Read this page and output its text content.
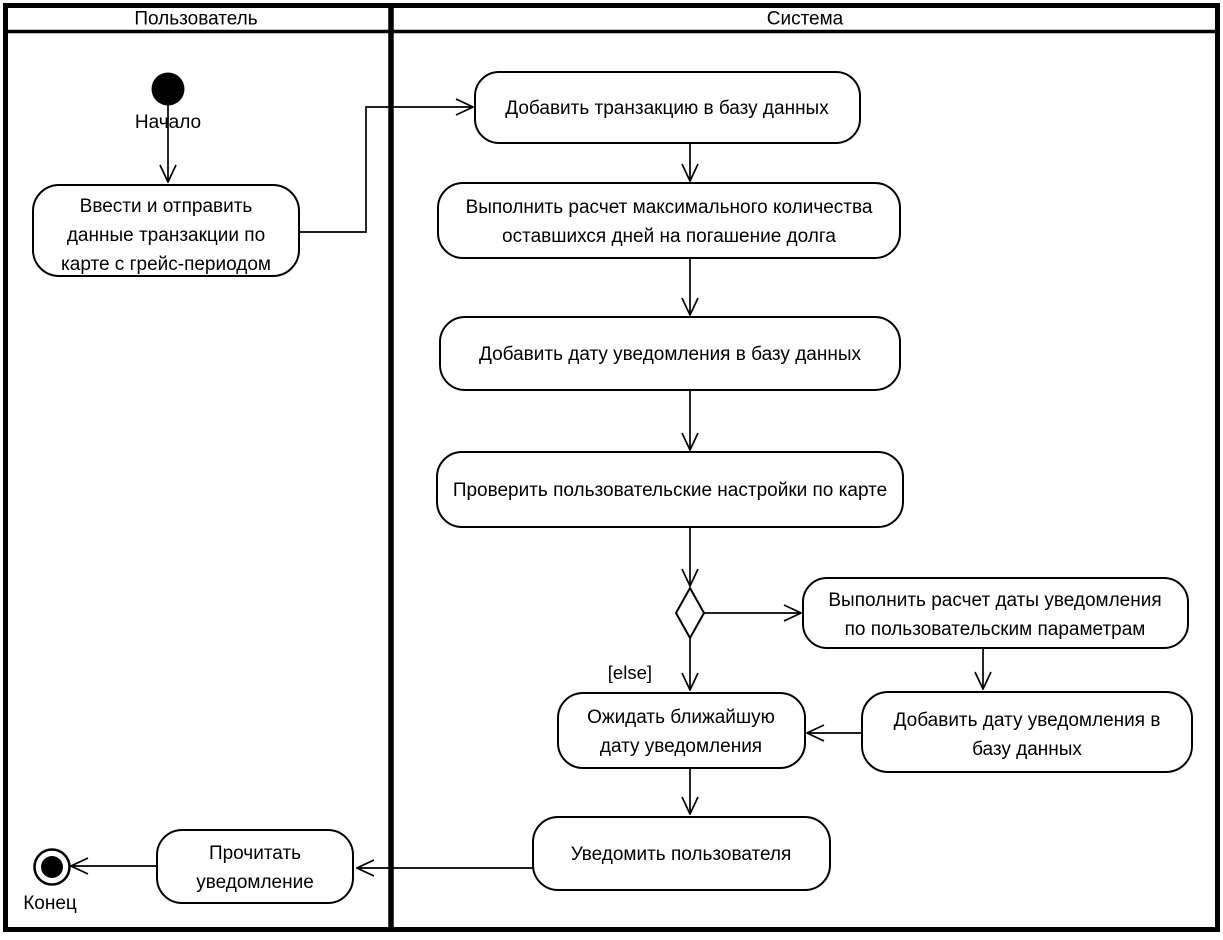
Пользователь	Система
[else]
Начало
Конец
Ввести и отправить
данные транзакции по
карте с грейс-периодом
Добавить транзакцию в базу данных
Выполнить расчет максимального количества
оставшихся дней на погашение долга
Добавить дату уведомления в базу данных
Проверить пользовательские настройки по карте
Выполнить расчет даты уведомления
по пользовательским параметрам
Ожидать ближайшую
дату уведомления
Добавить дату уведомления в
базу данных
Уведомить пользователя
Прочитать
уведомление
